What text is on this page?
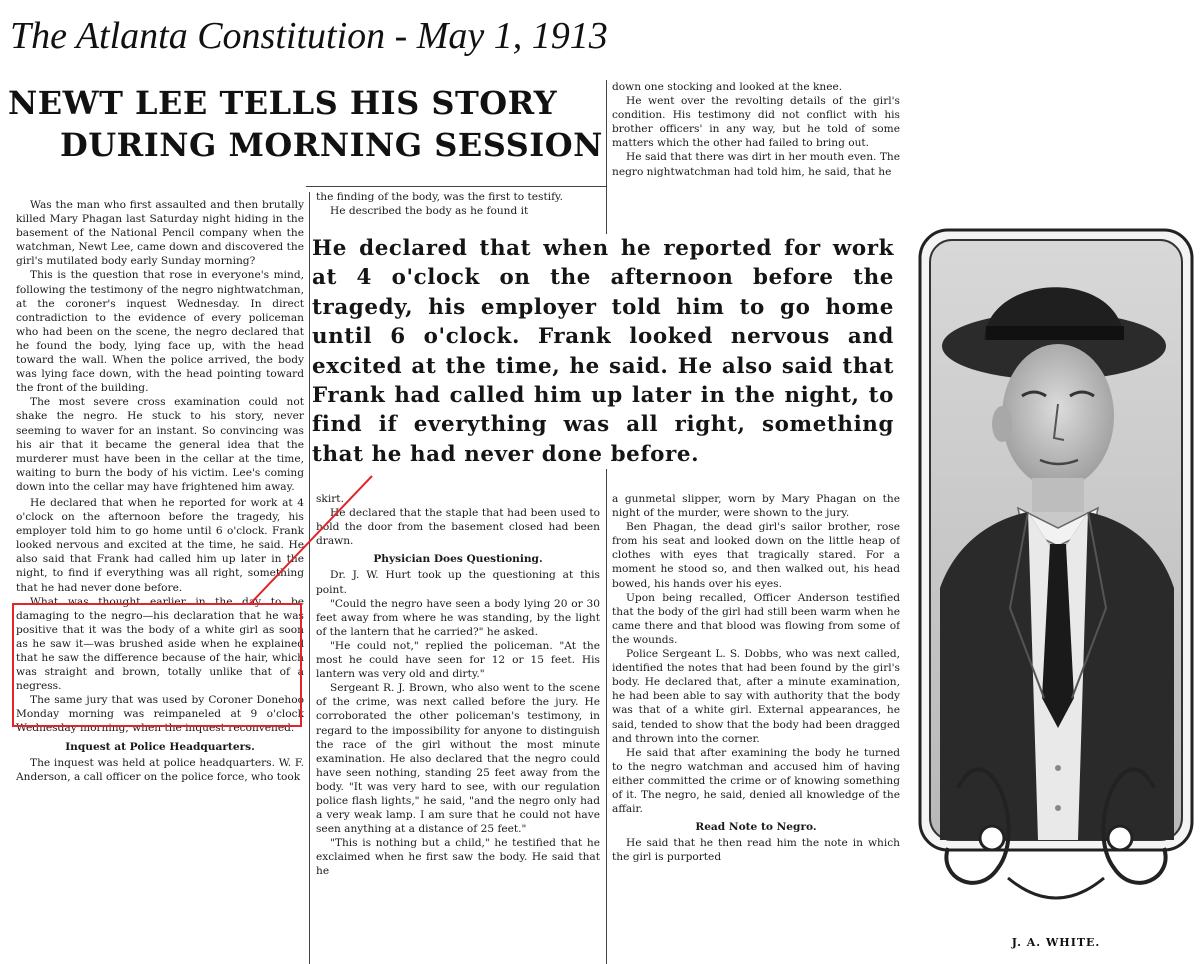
The Atlanta Constitution - May 1, 1913
NEWT LEE TELLS HIS STORY
DURING MORNING SESSION

Was the man who first assaulted and then brutally killed Mary Phagan last Saturday night hiding in the basement of the National Pencil company when the watchman, Newt Lee, came down and discovered the girl's mutilated body early Sunday morning?

This is the question that rose in everyone's mind, following the testimony of the negro nightwatchman, at the coroner's inquest Wednesday. In direct contradiction to the evidence of every policeman who had been on the scene, the negro declared that he found the body, lying face up, with the head toward the wall. When the police arrived, the body was lying face down, with the head pointing toward the front of the building.

The most severe cross examination could not shake the negro. He stuck to his story, never seeming to waver for an instant. So convincing was his air that it became the general idea that the murderer must have been in the cellar at the time, waiting to burn the body of his victim. Lee's coming down into the cellar may have frightened him away.

He declared that when he reported for work at 4 o'clock on the afternoon before the tragedy, his employer told him to go home until 6 o'clock. Frank looked nervous and excited at the time, he said. He also said that Frank had called him up later in the night, to find if everything was all right, something that he had never done before.

What was thought earlier in the day to be damaging to the negro—his declaration that he was positive that it was the body of a white girl as soon as he saw it—was brushed aside when he explained that he saw the difference because of the hair, which was straight and brown, totally unlike that of a negress.

The same jury that was used by Coroner Donehoo Monday morning was reimpaneled at 9 o'clock Wednesday morning, when the inquest reconvened.

Inquest at Police Headquarters.

The inquest was held at police headquarters. W. F. Anderson, a call officer on the police force, who took

the finding of the body, was the first to testify.

He described the body as he found it

down one stocking and looked at the knee.

He went over the revolting details of the girl's condition. His testimony did not conflict with his brother officers' in any way, but he told of some matters which the other had failed to bring out.

He said that there was dirt in her mouth even. The negro nightwatchman had told him, he said, that he

He declared that when he reported for work at 4 o'clock on the afternoon before the tragedy, his employer told him to go home until 6 o'clock. Frank looked nervous and excited at the time, he said. He also said that Frank had called him up later in the night, to find if everything was all right, something that he had never done before.

skirt.

He declared that the staple that had been used to hold the door from the basement closed had been drawn.

Physician Does Questioning.

Dr. J. W. Hurt took up the questioning at this point.

"Could the negro have seen a body lying 20 or 30 feet away from where he was standing, by the light of the lantern that he carried?" he asked.

"He could not," replied the policeman. "At the most he could have seen for 12 or 15 feet. His lantern was very old and dirty."

Sergeant R. J. Brown, who also went to the scene of the crime, was next called before the jury. He corroborated the other policeman's testimony, in regard to the impossibility for anyone to distinguish the race of the girl without the most minute examination. He also declared that the negro could have seen nothing, standing 25 feet away from the body. "It was very hard to see, with our regulation police flash lights," he said, "and the negro only had a very weak lamp. I am sure that he could not have seen anything at a distance of 25 feet."

"This is nothing but a child," he testified that he exclaimed when he first saw the body. He said that he

a gunmetal slipper, worn by Mary Phagan on the night of the murder, were shown to the jury.

Ben Phagan, the dead girl's sailor brother, rose from his seat and looked down on the little heap of clothes with eyes that tragically stared. For a moment he stood so, and then walked out, his head bowed, his hands over his eyes.

Upon being recalled, Officer Anderson testified that the body of the girl had still been warm when he came there and that blood was flowing from some of the wounds.

Police Sergeant L. S. Dobbs, who was next called, identified the notes that had been found by the girl's body. He declared that, after a minute examination, he had been able to say with authority that the body was that of a white girl. External appearances, he said, tended to show that the body had been dragged and thrown into the corner.

He said that after examining the body he turned to the negro watchman and accused him of having either committed the crime or of knowing something of it. The negro, he said, denied all knowledge of the affair.

Read Note to Negro.

He said that he then read him the note in which the girl is purported

J. A. WHITE.
